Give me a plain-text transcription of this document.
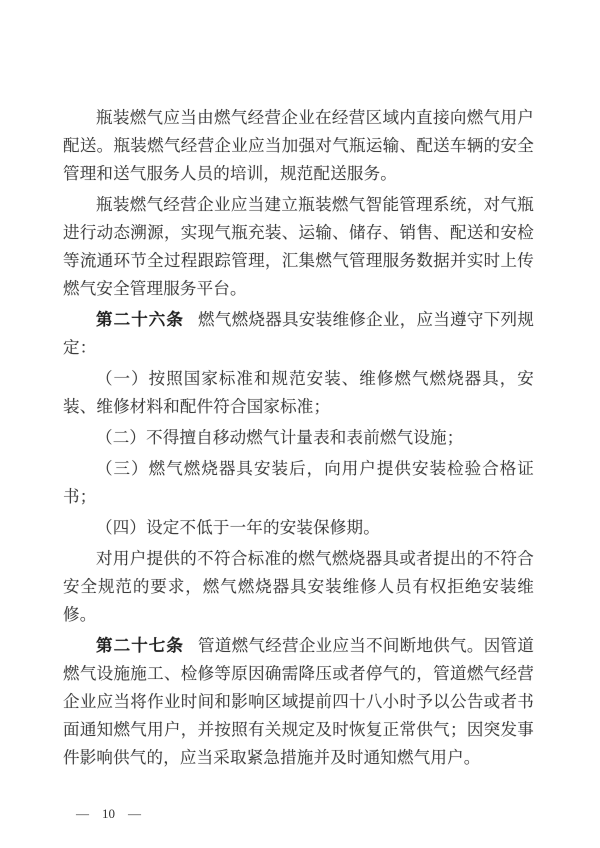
瓶装燃气应当由燃气经营企业在经营区域内直接向燃气用户配送。瓶装燃气经营企业应当加强对气瓶运输、配送车辆的安全管理和送气服务人员的培训，规范配送服务。

瓶装燃气经营企业应当建立瓶装燃气智能管理系统，对气瓶进行动态溯源，实现气瓶充装、运输、储存、销售、配送和安检等流通环节全过程跟踪管理，汇集燃气管理服务数据并实时上传燃气安全管理服务平台。

第二十六条 燃气燃烧器具安装维修企业，应当遵守下列规定：

（一）按照国家标准和规范安装、维修燃气燃烧器具，安装、维修材料和配件符合国家标准；

（二）不得擅自移动燃气计量表和表前燃气设施；

（三）燃气燃烧器具安装后，向用户提供安装检验合格证书；

（四）设定不低于一年的安装保修期。

对用户提供的不符合标准的燃气燃烧器具或者提出的不符合安全规范的要求，燃气燃烧器具安装维修人员有权拒绝安装维修。

第二十七条 管道燃气经营企业应当不间断地供气。因管道燃气设施施工、检修等原因确需降压或者停气的，管道燃气经营企业应当将作业时间和影响区域提前四十八小时予以公告或者书面通知燃气用户，并按照有关规定及时恢复正常供气；因突发事件影响供气的，应当采取紧急措施并及时通知燃气用户。

— 10 —
